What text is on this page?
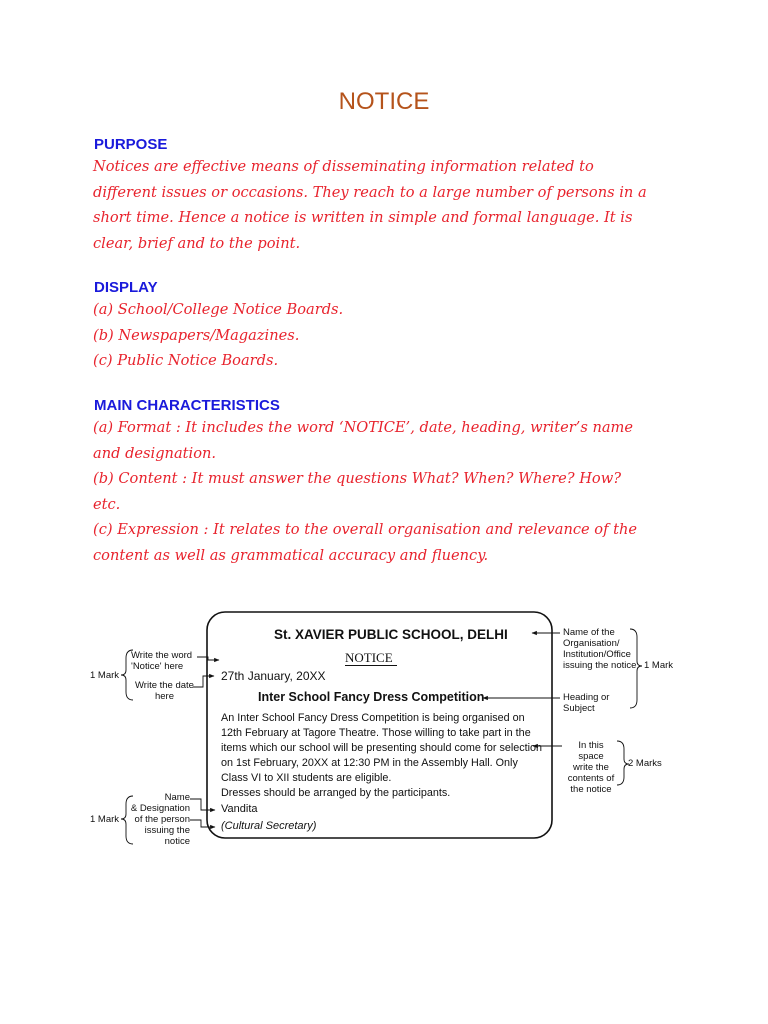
NOTICE
PURPOSE

Notices are effective means of disseminating information related to

different issues or occasions. They reach to a large number of persons in a

short time. Hence a notice is written in simple and formal language. It is

clear, brief and to the point.

DISPLAY

(a) School/College Notice Boards.

(b) Newspapers/Magazines.

(c) Public Notice Boards.

MAIN CHARACTERISTICS

(a) Format : It includes the word ‘NOTICE’, date, heading, writer’s name

and designation.

(b) Content : It must answer the questions What? When? Where? How?

etc.

(c) Expression : It relates to the overall organisation and relevance of the

content as well as grammatical accuracy and fluency.

St. XAVIER PUBLIC SCHOOL, DELHI
NOTICE
27th January, 20XX
Inter School Fancy Dress Competition
An Inter School Fancy Dress Competition is being organised on
12th February at Tagore Theatre. Those willing to take part in the
items which our school will be presenting should come for selection
on 1st February, 20XX at 12:30 PM in the Assembly Hall. Only
Class VI to XII students are eligible.
Dresses should be arranged by the participants.
Vandita
(Cultural Secretary)
Write the word
'Notice' here
Write the date
here
1 Mark
Name
& Designation
of the person
issuing the
notice
1 Mark
Name of the
Organisation/
Institution/Office
issuing the notice
Heading or
Subject
1 Mark
In this space
write the
contents of
the notice
2 Marks
